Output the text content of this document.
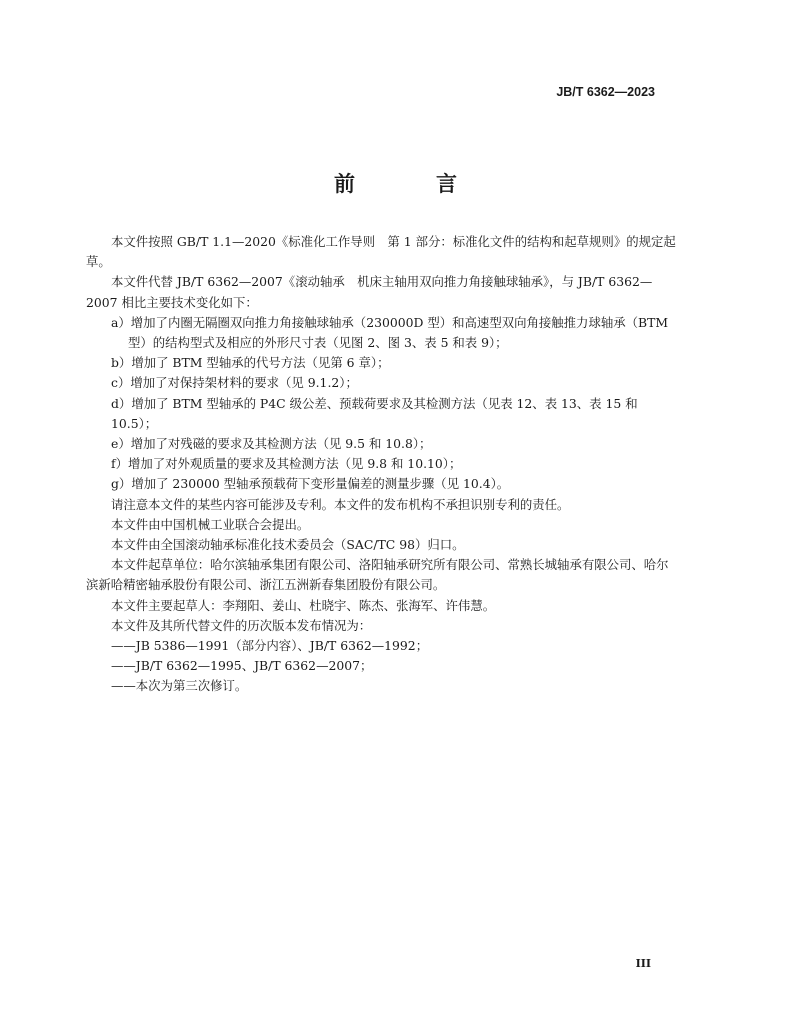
JB/T 6362—2023
前　言

本文件按照 GB/T 1.1—2020《标准化工作导则　第 1 部分：标准化文件的结构和起草规则》的规定起草。

本文件代替 JB/T 6362—2007《滚动轴承　机床主轴用双向推力角接触球轴承》，与 JB/T 6362—2007 相比主要技术变化如下：

a）增加了内圈无隔圈双向推力角接触球轴承（230000D 型）和高速型双向角接触推力球轴承（BTM
型）的结构型式及相应的外形尺寸表（见图 2、图 3、表 5 和表 9）；

b）增加了 BTM 型轴承的代号方法（见第 6 章）；

c）增加了对保持架材料的要求（见 9.1.2）；

d）增加了 BTM 型轴承的 P4C 级公差、预载荷要求及其检测方法（见表 12、表 13、表 15 和 10.5）；

e）增加了对残磁的要求及其检测方法（见 9.5 和 10.8）；

f）增加了对外观质量的要求及其检测方法（见 9.8 和 10.10）；

g）增加了 230000 型轴承预载荷下变形量偏差的测量步骤（见 10.4）。

请注意本文件的某些内容可能涉及专利。本文件的发布机构不承担识别专利的责任。

本文件由中国机械工业联合会提出。

本文件由全国滚动轴承标准化技术委员会（SAC/TC 98）归口。

本文件起草单位：哈尔滨轴承集团有限公司、洛阳轴承研究所有限公司、常熟长城轴承有限公司、哈尔滨新哈精密轴承股份有限公司、浙江五洲新春集团股份有限公司。

本文件主要起草人：李翔阳、姜山、杜晓宇、陈杰、张海军、许伟慧。

本文件及其所代替文件的历次版本发布情况为：

——JB 5386—1991（部分内容）、JB/T 6362—1992；

——JB/T 6362—1995、JB/T 6362—2007；

——本次为第三次修订。

III
